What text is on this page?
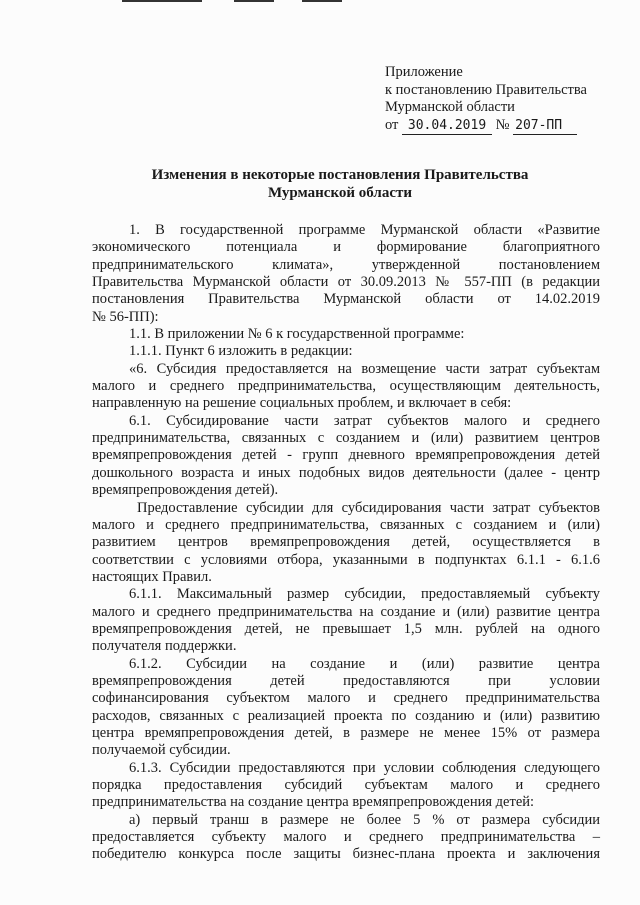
Приложение
к постановлению Правительства
Мурманской области
от 30.04.2019 № 207-ПП
Изменения в некоторые постановления Правительства
Мурманской области
1. В государственной программе Мурманской области «Развитие
экономического потенциала и формирование благоприятного
предпринимательского климата», утвержденной постановлением
Правительства Мурманской области от 30.09.2013 № 557-ПП (в редакции
постановления Правительства Мурманской области от 14.02.2019
№ 56-ПП):
1.1. В приложении № 6 к государственной программе:
1.1.1. Пункт 6 изложить в редакции:
«6. Субсидия предоставляется на возмещение части затрат субъектам
малого и среднего предпринимательства, осуществляющим деятельность,
направленную на решение социальных проблем, и включает в себя:
6.1. Субсидирование части затрат субъектов малого и среднего
предпринимательства, связанных с созданием и (или) развитием центров
времяпрепровождения детей - групп дневного времяпрепровождения детей
дошкольного возраста и иных подобных видов деятельности (далее - центр
времяпрепровождения детей).
Предоставление субсидии для субсидирования части затрат субъектов
малого и среднего предпринимательства, связанных с созданием и (или)
развитием центров времяпрепровождения детей, осуществляется в
соответствии с условиями отбора, указанными в подпунктах 6.1.1 - 6.1.6
настоящих Правил.
6.1.1. Максимальный размер субсидии, предоставляемый субъекту
малого и среднего предпринимательства на создание и (или) развитие центра
времяпрепровождения детей, не превышает 1,5 млн. рублей на одного
получателя поддержки.
6.1.2. Субсидии на создание и (или) развитие центра
времяпрепровождения детей предоставляются при условии
софинансирования субъектом малого и среднего предпринимательства
расходов, связанных с реализацией проекта по созданию и (или) развитию
центра времяпрепровождения детей, в размере не менее 15% от размера
получаемой субсидии.
6.1.3. Субсидии предоставляются при условии соблюдения следующего
порядка предоставления субсидий субъектам малого и среднего
предпринимательства на создание центра времяпрепровождения детей:
а) первый транш в размере не более 5 % от размера субсидии
предоставляется субъекту малого и среднего предпринимательства –
победителю конкурса после защиты бизнес-плана проекта и заключения
